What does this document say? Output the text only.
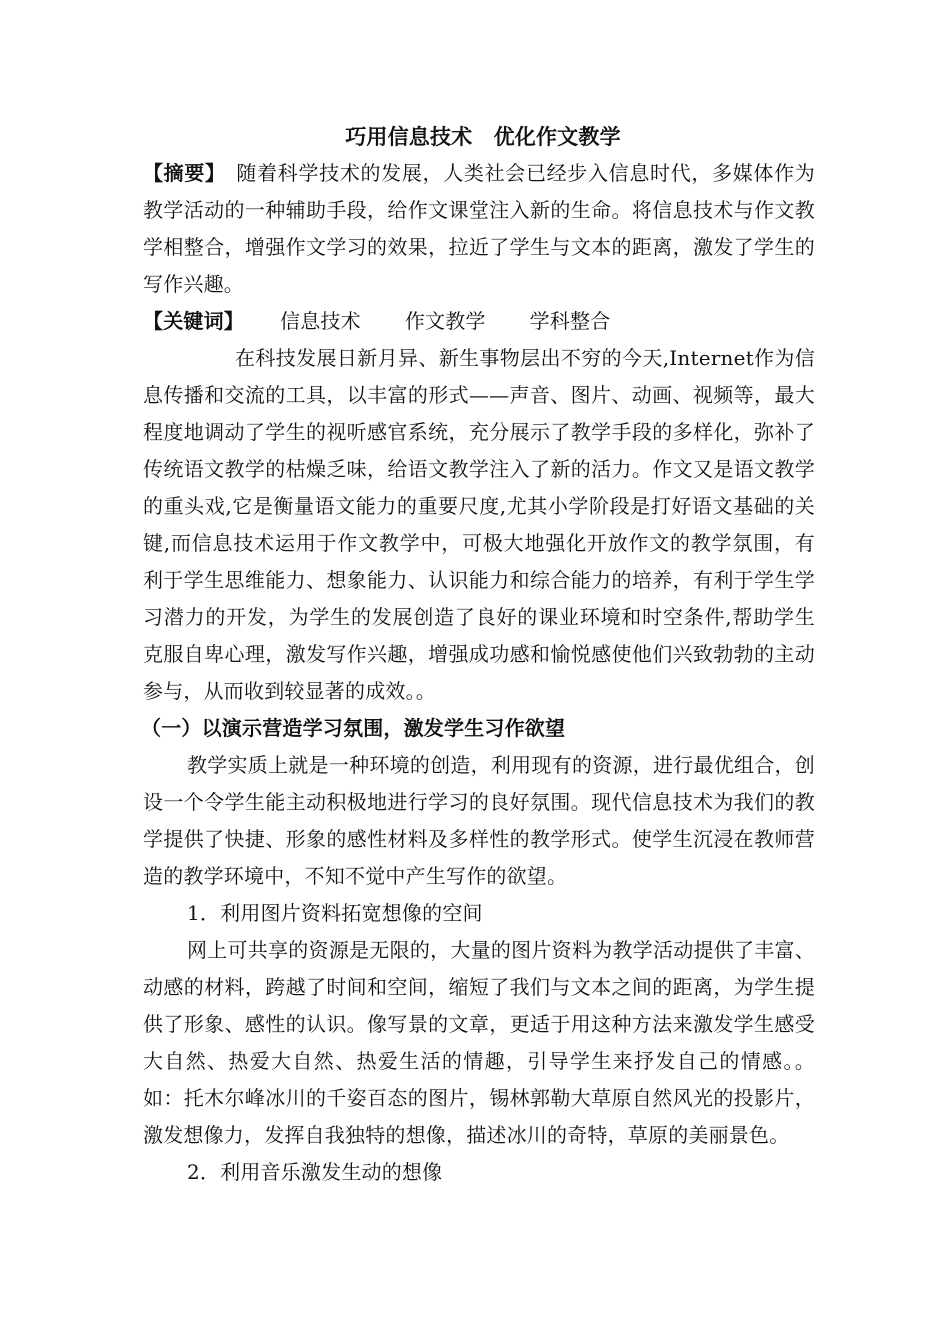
巧用信息技术　优化作文教学

【摘要】　随着科学技术的发展，人类社会已经步入信息时代，多媒体作为教学活动的一种辅助手段，给作文课堂注入新的生命。将信息技术与作文教学相整合，增强作文学习的效果，拉近了学生与文本的距离，激发了学生的写作兴趣。

【关键词】 信息技术 作文教学 学科整合

在科技发展日新月异、新生事物层出不穷的今天,Internet作为信息传播和交流的工具，以丰富的形式——声音、图片、动画、视频等，最大程度地调动了学生的视听感官系统，充分展示了教学手段的多样化，弥补了传统语文教学的枯燥乏味，给语文教学注入了新的活力。作文又是语文教学的重头戏,它是衡量语文能力的重要尺度,尤其小学阶段是打好语文基础的关键,而信息技术运用于作文教学中，可极大地强化开放作文的教学氛围，有利于学生思维能力、想象能力、认识能力和综合能力的培养，有利于学生学习潜力的开发，为学生的发展创造了良好的课业环境和时空条件,帮助学生克服自卑心理，激发写作兴趣，增强成功感和愉悦感使他们兴致勃勃的主动参与，从而收到较显著的成效。。

（一）以演示营造学习氛围，激发学生习作欲望

教学实质上就是一种环境的创造，利用现有的资源，进行最优组合，创设一个令学生能主动积极地进行学习的良好氛围。现代信息技术为我们的教学提供了快捷、形象的感性材料及多样性的教学形式。使学生沉浸在教师营造的教学环境中，不知不觉中产生写作的欲望。

1．利用图片资料拓宽想像的空间

网上可共享的资源是无限的，大量的图片资料为教学活动提供了丰富、动感的材料，跨越了时间和空间，缩短了我们与文本之间的距离，为学生提供了形象、感性的认识。像写景的文章，更适于用这种方法来激发学生感受大自然、热爱大自然、热爱生活的情趣，引导学生来抒发自己的情感。。如：托木尔峰冰川的千姿百态的图片，锡林郭勒大草原自然风光的投影片，激发想像力，发挥自我独特的想像，描述冰川的奇特，草原的美丽景色。

2．利用音乐激发生动的想像
